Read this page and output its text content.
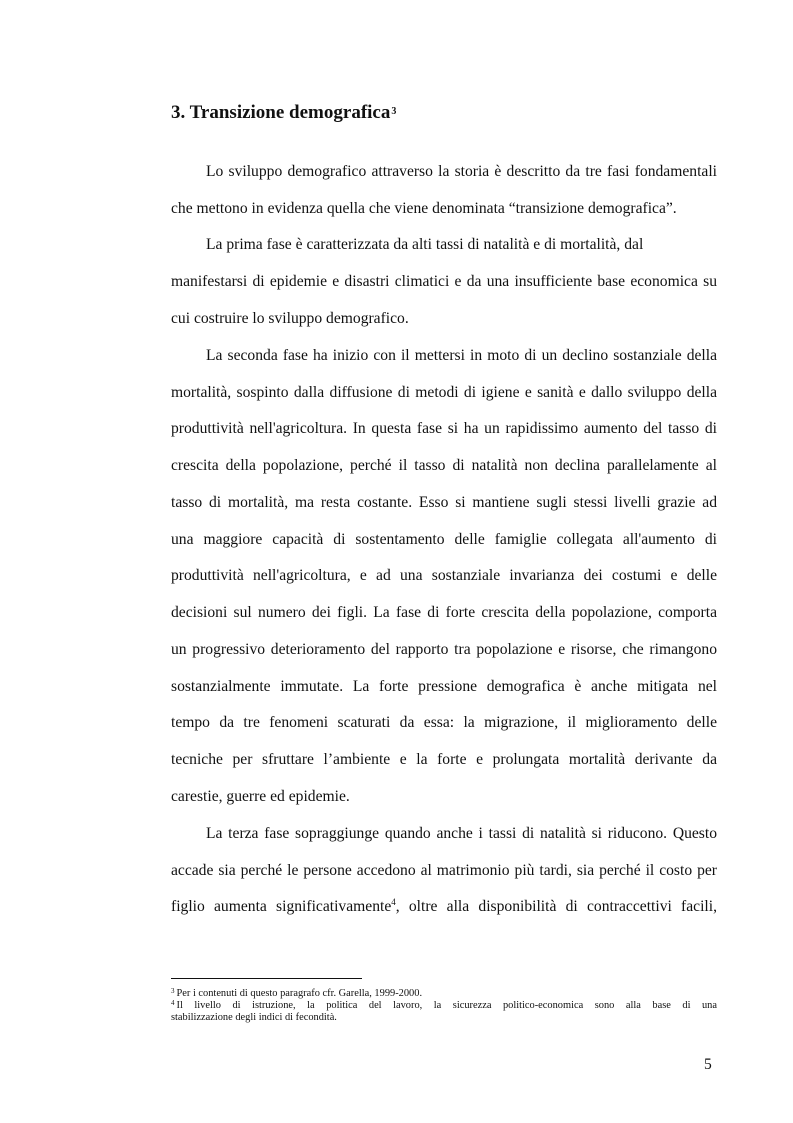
3. Transizione demografica$^3$
Lo sviluppo demografico attraverso la storia è descritto da tre fasi fondamentali
che mettono in evidenza quella che viene denominata “transizione demografica”.
La prima fase è caratterizzata da alti tassi di natalità e di mortalità, dal
manifestarsi di epidemie e disastri climatici e da una insufficiente base economica su
cui costruire lo sviluppo demografico.
La seconda fase ha inizio con il mettersi in moto di un declino sostanziale della
mortalità, sospinto dalla diffusione di metodi di igiene e sanità e dallo sviluppo della
produttività nell'agricoltura. In questa fase si ha un rapidissimo aumento del tasso di
crescita della popolazione, perché il tasso di natalità non declina parallelamente al
tasso di mortalità, ma resta costante. Esso si mantiene sugli stessi livelli grazie ad
una maggiore capacità di sostentamento delle famiglie collegata all'aumento di
produttività nell'agricoltura, e ad una sostanziale invarianza dei costumi e delle
decisioni sul numero dei figli. La fase di forte crescita della popolazione, comporta
un progressivo deterioramento del rapporto tra popolazione e risorse, che rimangono
sostanzialmente immutate. La forte pressione demografica è anche mitigata nel
tempo da tre fenomeni scaturati da essa: la migrazione, il miglioramento delle
tecniche per sfruttare l’ambiente e la forte e prolungata mortalità derivante da
carestie, guerre ed epidemie.
La terza fase sopraggiunge quando anche i tassi di natalità si riducono. Questo
accade sia perché le persone accedono al matrimonio più tardi, sia perché il costo per
figlio aumenta significativamente$^4$, oltre alla disponibilità di contraccettivi facili,
$^3$ Per i contenuti di questo paragrafo cfr. Garella, 1999-2000.
$^4$ Il livello di istruzione, la politica del lavoro, la sicurezza politico-economica sono alla base di una
stabilizzazione degli indici di fecondità.
5
